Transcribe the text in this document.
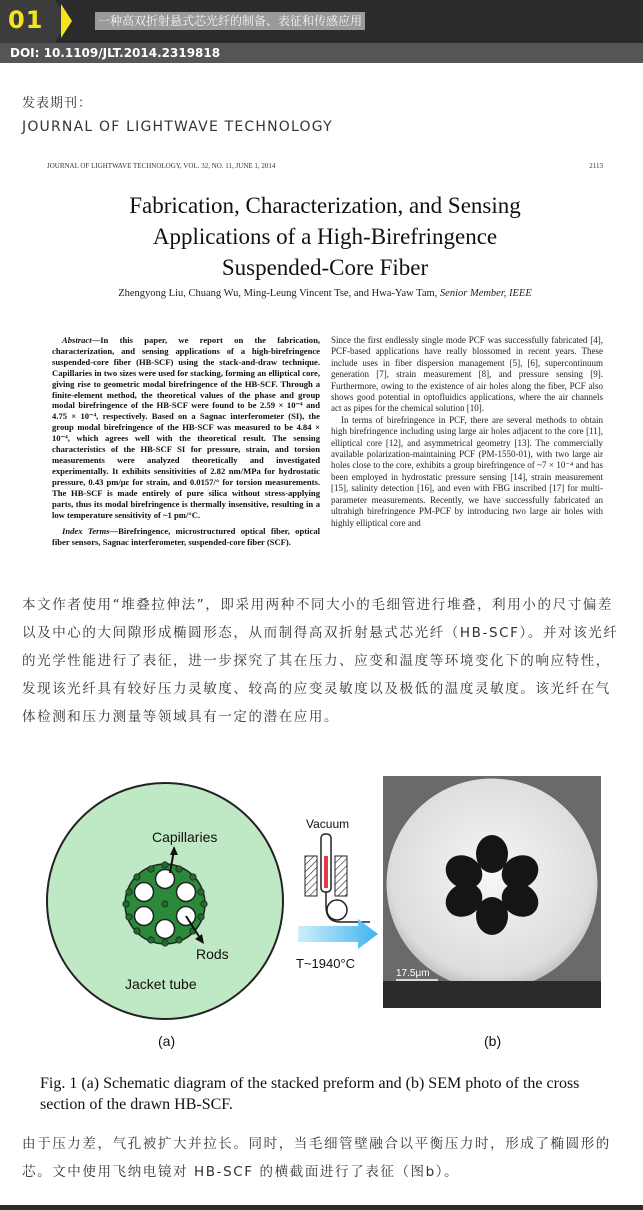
01	一种高双折射悬式芯光纤的制备、表征和传感应用
DOI: 10.1109/JLT.2014.2319818
发表期刊：
JOURNAL OF LIGHTWAVE TECHNOLOGY
JOURNAL OF LIGHTWAVE TECHNOLOGY, VOL. 32, NO. 11, JUNE 1, 2014	2113
Fabrication, Characterization, and Sensing
Applications of a High-Birefringence
Suspended-Core Fiber
Zhengyong Liu, Chuang Wu, Ming-Leung Vincent Tse, and Hwa-Yaw Tam, Senior Member, IEEE

Abstract—In this paper, we report on the fabrication, characterization, and sensing applications of a high-birefringence suspended-core fiber (HB-SCF) using the stack-and-draw technique. Capillaries in two sizes were used for stacking, forming an elliptical core, giving rise to geometric modal birefringence of the HB-SCF. Through a finite-element method, the theoretical values of the phase and group modal birefringence of the HB-SCF were found to be 2.59 × 10⁻⁴ and 4.75 × 10⁻⁴, respectively. Based on a Sagnac interferometer (SI), the group modal birefringence of the HB-SCF was measured to be 4.84 × 10⁻⁴, which agrees well with the theoretical result. The sensing characteristics of the HB-SCF SI for pressure, strain, and torsion measurements were analyzed theoretically and investigated experimentally. It exhibits sensitivities of 2.82 nm/MPa for hydrostatic pressure, 0.43 pm/με for strain, and 0.0157/° for torsion measurements. The HB-SCF is made entirely of pure silica without stress-applying parts, thus its modal birefringence is thermally insensitive, resulting in a low temperature sensitivity of ~1 pm/°C.

Index Terms—Birefringence, microstructured optical fiber, optical fiber sensors, Sagnac interferometer, suspended-core fiber (SCF).

Since the first endlessly single mode PCF was successfully fabricated [4], PCF-based applications have really blossomed in recent years. These include uses in fiber dispersion management [5], [6], supercontinuum generation [7], strain measurement [8], and pressure sensing [9]. Furthermore, owing to the existence of air holes along the fiber, PCF also shows good potential in optofluidics applications, where the air channels act as pipes for the chemical solution [10].

In terms of birefringence in PCF, there are several methods to obtain high birefringence including using large air holes adjacent to the core [11], elliptical core [12], and asymmetrical geometry [13]. The commercially available polarization-maintaining PCF (PM-1550-01), with two large air holes close to the core, exhibits a group birefringence of ~7 × 10⁻⁴ and has been employed in hydrostatic pressure sensing [14], strain measurement [15], salinity detection [16], and even with FBG inscribed [17] for multi-parameter measurements. Recently, we have successfully fabricated an ultrahigh birefringence PM-PCF by introducing two large air holes with highly elliptical core and

本文作者使用“堆叠拉伸法”，即采用两种不同大小的毛细管进行堆叠，利用小的尺寸偏差以及中心的大间隙形成椭圆形态，从而制得高双折射悬式芯光纤（HB-SCF）。并对该光纤的光学性能进行了表征，进一步探究了其在压力、应变和温度等环境变化下的响应特性，发现该光纤具有较好压力灵敏度、较高的应变灵敏度以及极低的温度灵敏度。该光纤在气体检测和压力测量等领域具有一定的潜在应用。
Capillaries
Rods
Jacket tube
(a)
Vacuum
T~1940°C
17.5μm
(b)
Fig. 1 (a) Schematic diagram of the stacked preform and (b) SEM photo of the cross section of the drawn HB-SCF.
由于压力差，气孔被扩大并拉长。同时，当毛细管壁融合以平衡压力时，形成了椭圆形的芯。文中使用飞纳电镜对 HB-SCF 的横截面进行了表征（图b）。
